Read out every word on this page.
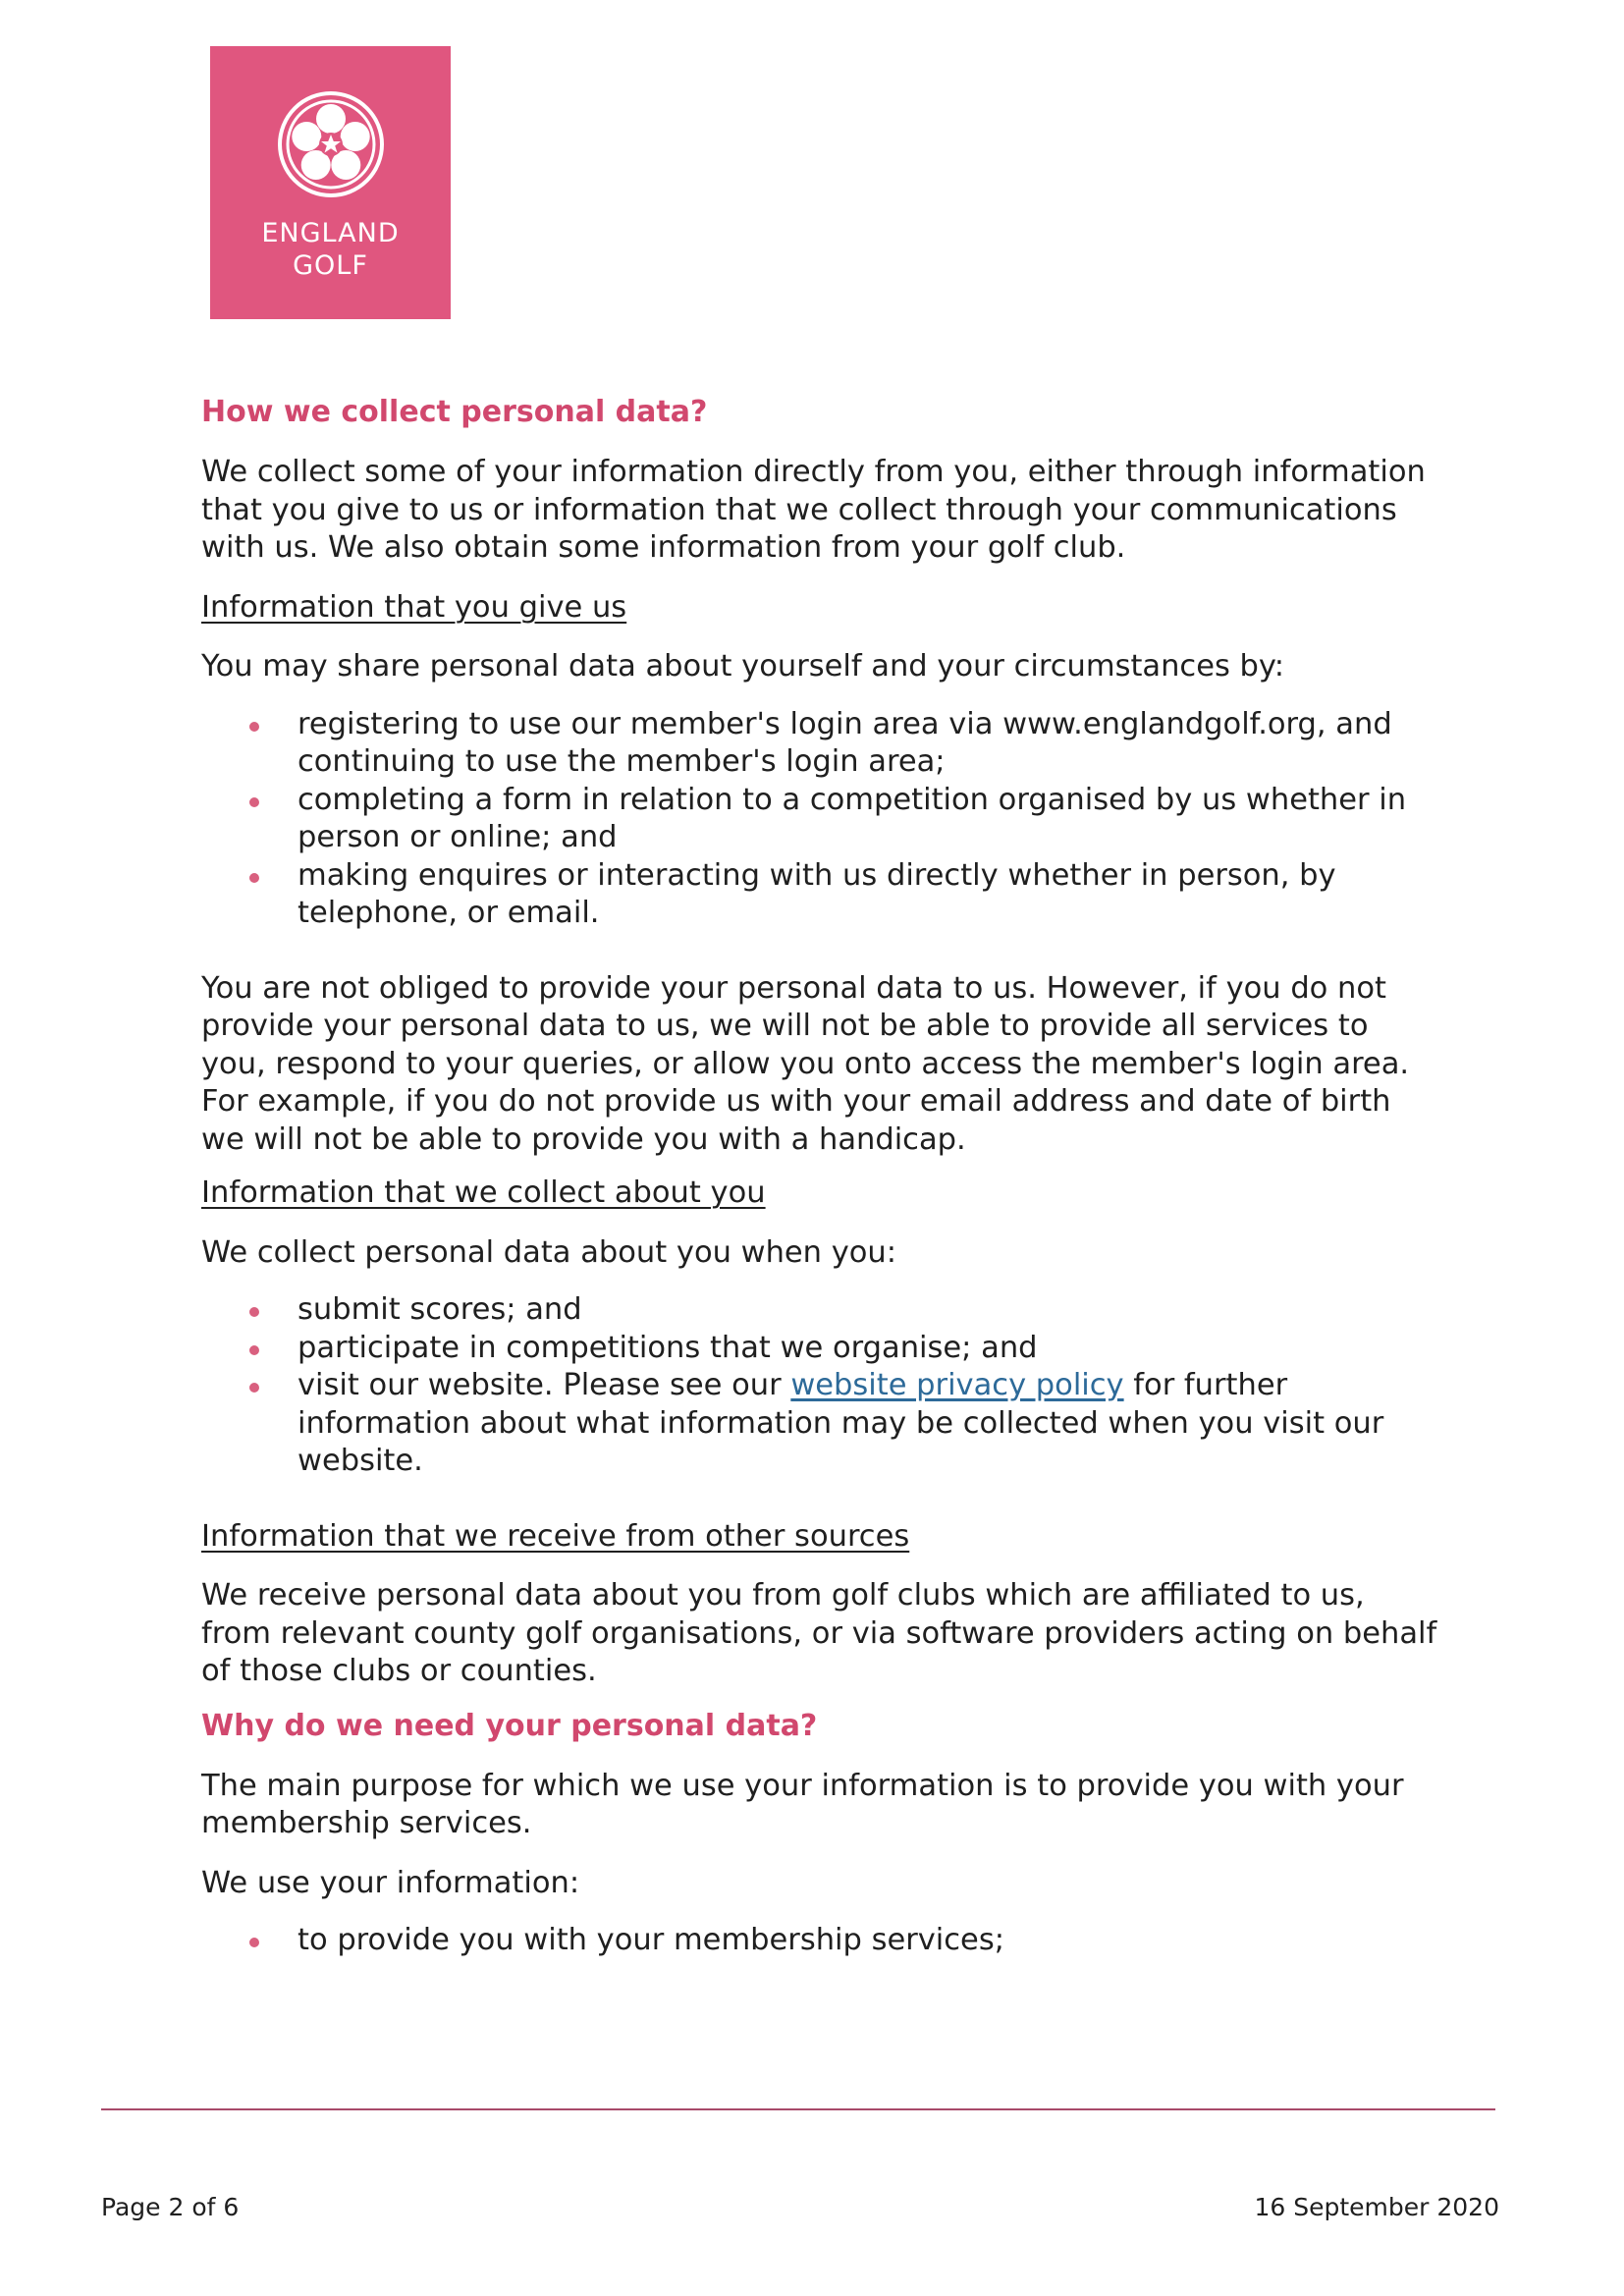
ENGLAND
GOLF
How we collect personal data?

We collect some of your information directly from you, either through information that you give to us or information that we collect through your communications with us. We also obtain some information from your golf club.

Information that you give us

You may share personal data about yourself and your circumstances by:

registering to use our member's login area via www.englandgolf.org, and continuing to use the member's login area;
completing a form in relation to a competition organised by us whether in person or online; and
making enquires or interacting with us directly whether in person, by telephone, or email.

You are not obliged to provide your personal data to us. However, if you do not provide your personal data to us, we will not be able to provide all services to you, respond to your queries, or allow you onto access the member's login area. For example, if you do not provide us with your email address and date of birth we will not be able to provide you with a handicap.

Information that we collect about you

We collect personal data about you when you:

submit scores; and
participate in competitions that we organise; and
visit our website. Please see our website privacy policy for further information about what information may be collected when you visit our website.

Information that we receive from other sources

We receive personal data about you from golf clubs which are affiliated to us, from relevant county golf organisations, or via software providers acting on behalf of those clubs or counties.

Why do we need your personal data?

The main purpose for which we use your information is to provide you with your membership services.

We use your information:

to provide you with your membership services;
Page 2 of 6	16 September 2020
